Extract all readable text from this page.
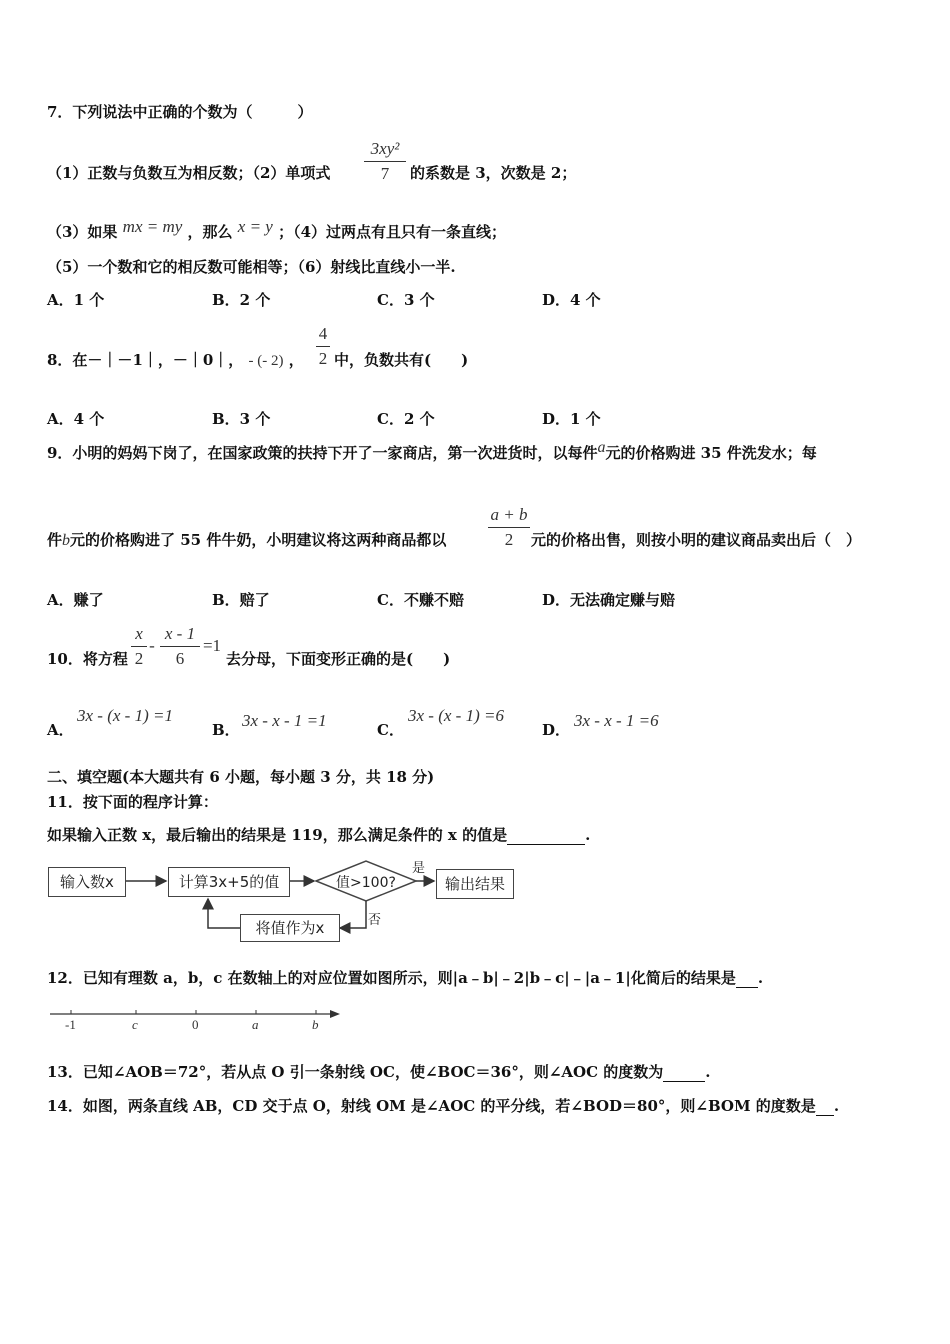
7．下列说法中正确的个数为（　　　）
（1）正数与负数互为相反数；（2）单项式
3xy²
7	的系数是 3，次数是 2；
（3）如果 mx = my ，那么 x = y ；（4）过两点有且只有一条直线；
（5）一个数和它的相反数可能相等；（6）射线比直线小一半.
A．1 个	B．2 个	C．3 个	D．4 个
8．在－｜－1｜，－｜0｜， - (- 2) ，
4
2 中，负数共有(　　)
A．4 个	B．3 个	C．2 个	D．1 个
9．小明的妈妈下岗了，在国家政策的扶持下开了一家商店，第一次进货时，以每件a元的价格购进 35 件洗发水；每
件b元的价格购进了 55 件牛奶，小明建议将这两种商品都以
a + b
2	元的价格出售，则按小明的建议商品卖出后（　）
A．赚了	B．赔了	C．不赚不赔	D．无法确定赚与赔
10．将方程
x
2
-
x - 1
6
=1
去分母，下面变形正确的是(　　)
A．
3x - (x - 1) =1
B． 3x - x - 1 =1	C．
3x - (x - 1) =6
D． 3x - x - 1 =6
二、填空题(本大题共有 6 小题，每小题 3 分，共 18 分)
11．按下面的程序计算：
如果输入正数 x，最后输出的结果是 119，那么满足条件的 x 的值是	.
输入数x	计算3x+5的值	值>100?
是
输出结果
否
将值作为x
12．已知有理数 a，b，c 在数轴上的对应位置如图所示，则|a﹣b|﹣2|b﹣c|﹣|a﹣1|化简后的结果是 .
-1	c	0	a	b
13．已知∠AOB＝72°，若从点 O 引一条射线 OC，使∠BOC＝36°，则∠AOC 的度数为	.
14．如图，两条直线 AB，CD 交于点 O，射线 OM 是∠AOC 的平分线，若∠BOD＝80°，则∠BOM 的度数是 .
